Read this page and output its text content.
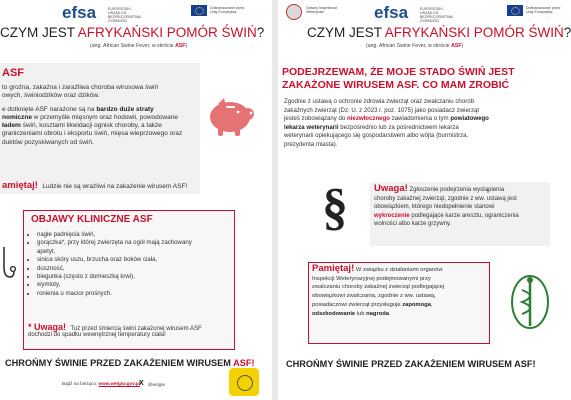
efsa	EUROPEJSKI URZĄD DS. BEZPIECZEŃSTWA ŻYWNOŚCI
Dofinansowane przez Unię Europejską
CZYM JEST AFRYKAŃSKI POMÓR ŚWIŃ?
(ang. African Swine Fever, w skrócie ASF)
ASF
to groźna, zakaźna i zaraźliwa choroba wirusowa świń
owych, świniodzików oraz dzików.
e dotknięte ASF narażone są na bardzo duże straty
nomiczne w przemyśle mięsnym oraz hodowli, powodowane
ładem świń, kosztami likwidacji ognisk choroby, a także
graniczeniami obrotu i eksportu świń, mięsa wieprzowego oraz
duktów pozyskiwanych od świń.
amiętaj! Ludzie nie są wrażliwi na zakażenie wirusem ASF!
OBJAWY KLINICZNE ASF
• nagłe padnięcia świń,
• gorączka*, przy której zwierzęta na ogół mają zachowany
apetyt,
• sinica skóry uszu, brzucha oraz boków ciała,
• duszność,
• biegunka (często z domieszką krwi),
• wymioty,
• ronienia u macior prośnych.
* Uwaga! Tuż przed śmiercią świni zakażonej wirusem ASF
dochodzi do spadku wewnętrznej temperatury ciała!
CHROŃMY ŚWINIE PRZED ZAKAŻENIEM WIRUSEM ASF!
Bądź na bieżąco: www.wetgiw.gov.pl X @wetgiw
Główny Inspektorat Weterynarii	efsa	EUROPEJSKI URZĄD DS. BEZPIECZEŃSTWA ŻYWNOŚCI
Dofinansowane przez Unię Europejską
CZYM JEST AFRYKAŃSKI POMÓR ŚWIŃ?
(ang. African Swine Fever, w skrócie ASF)
PODEJRZEWAM, ŻE MOJE STADO ŚWIŃ JEST
ZAKAŻONE WIRUSEM ASF. CO MAM ZROBIĆ
Zgodnie z ustawą o ochronie zdrowia zwierząt oraz zwalczaniu chorób
zakaźnych zwierząt (Dz. U. z 2023 r. poz. 1075) jako posiadacz zwierząt
jesteś zobowiązany do niezwłocznego zawiadomienia o tym powiatowego
lekarza weterynarii bezpośrednio lub za pośrednictwem lekarza
weterynarii opiekującego się gospodarstwem albo wójta (burmistrza,
prezydenta miasta).
§	Uwaga! Zgłoszenie podejrzenia wystąpienia
choroby zakaźnej zwierząt, zgodnie z ww. ustawą jest
obowiązkiem, którego niedopełnienie stanowi
wykroczenie podlegające karze aresztu, ograniczenia
wolności albo karze grzywny.
Pamiętaj! W związku z działaniami organów
Inspekcji Weterynaryjnej podejmowanymi przy
zwalczaniu choroby zakaźnej zwierząt podlegającej
obowiązkowi zwalczania, zgodnie z ww. ustawą,
posiadaczowi zwierząt przysługuje zapomoga,
odszkodowanie lub nagroda.
CHROŃMY ŚWINIE PRZED ZAKAŻENIEM WIRUSEM ASF!
